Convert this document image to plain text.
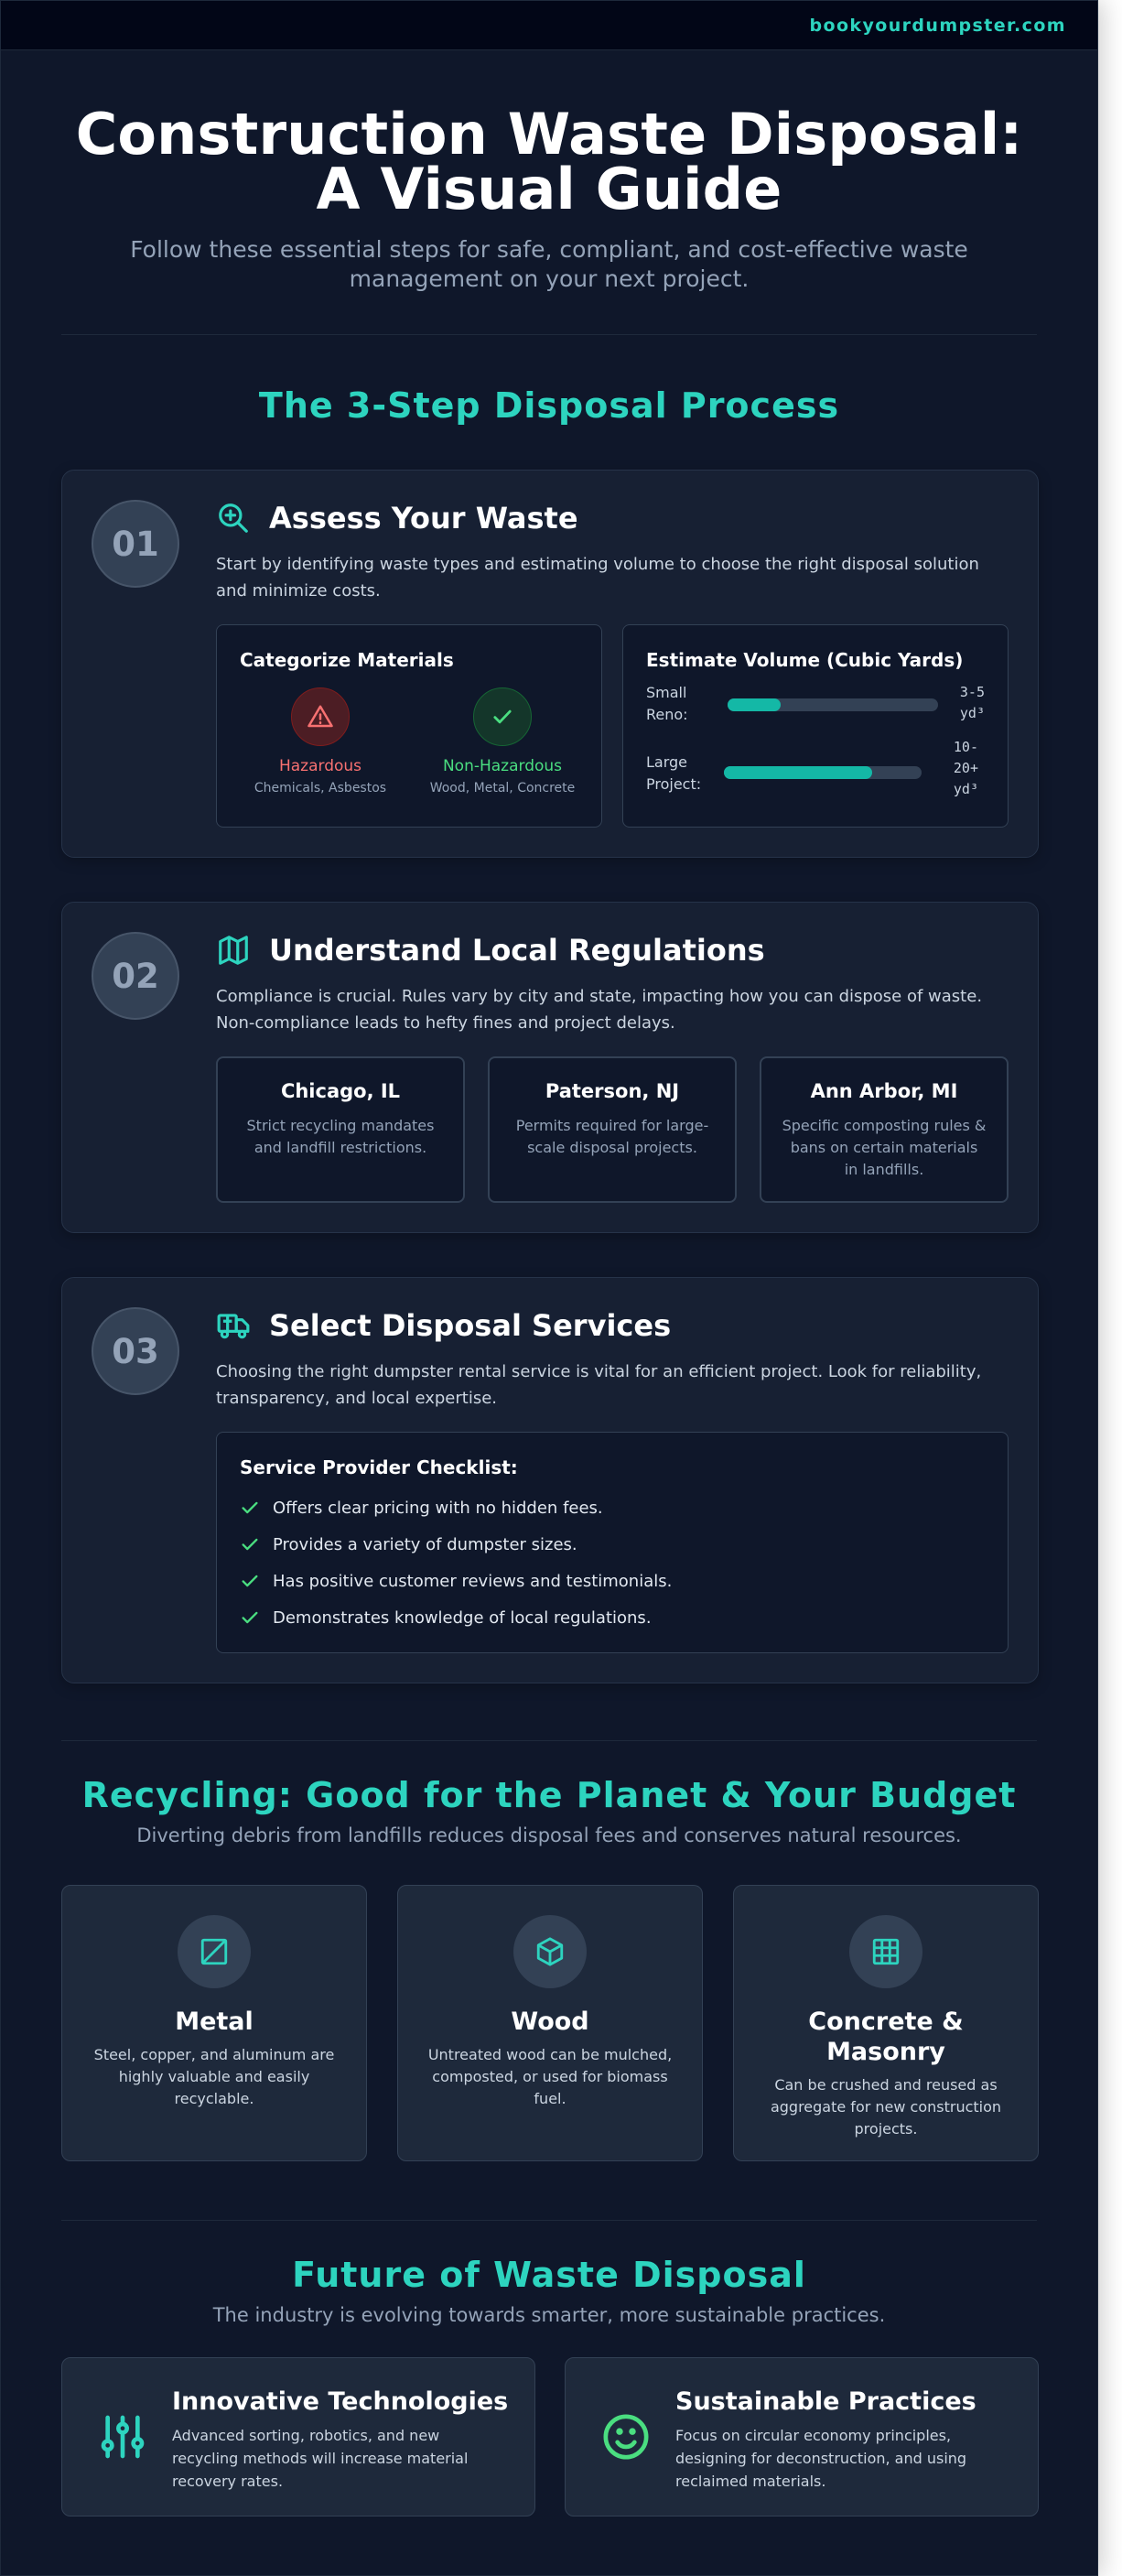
bookyourdumpster.com
Construction Waste Disposal: A Visual Guide

Follow these essential steps for safe, compliant, and cost-effective waste management on your next project.

The 3-Step Disposal Process
01
Assess Your Waste

Start by identifying waste types and estimating volume to choose the right disposal solution and minimize costs.

Categorize Materials
Hazardous
Chemicals, Asbestos
Non-Hazardous
Wood, Metal, Concrete
Estimate Volume (Cubic Yards)
Small
Reno:
3-5
yd³
Large
Project:
10-
20+
yd³
02
Understand Local Regulations

Compliance is crucial. Rules vary by city and state, impacting how you can dispose of waste. Non-compliance leads to hefty fines and project delays.

Chicago, IL

Strict recycling mandates and landfill restrictions.

Paterson, NJ

Permits required for large-scale disposal projects.

Ann Arbor, MI

Specific composting rules & bans on certain materials in landfills.

03
Select Disposal Services

Choosing the right dumpster rental service is vital for an efficient project. Look for reliability, transparency, and local expertise.

Service Provider Checklist:
Offers clear pricing with no hidden fees.
Provides a variety of dumpster sizes.
Has positive customer reviews and testimonials.
Demonstrates knowledge of local regulations.
Recycling: Good for the Planet & Your Budget
Diverting debris from landfills reduces disposal fees and conserves natural resources.
Metal

Steel, copper, and aluminum are highly valuable and easily recyclable.

Wood

Untreated wood can be mulched, composted, or used for biomass fuel.

Concrete & Masonry

Can be crushed and reused as aggregate for new construction projects.

Future of Waste Disposal
The industry is evolving towards smarter, more sustainable practices.
Innovative Technologies

Advanced sorting, robotics, and new recycling methods will increase material recovery rates.

Sustainable Practices

Focus on circular economy principles, designing for deconstruction, and using reclaimed materials.
